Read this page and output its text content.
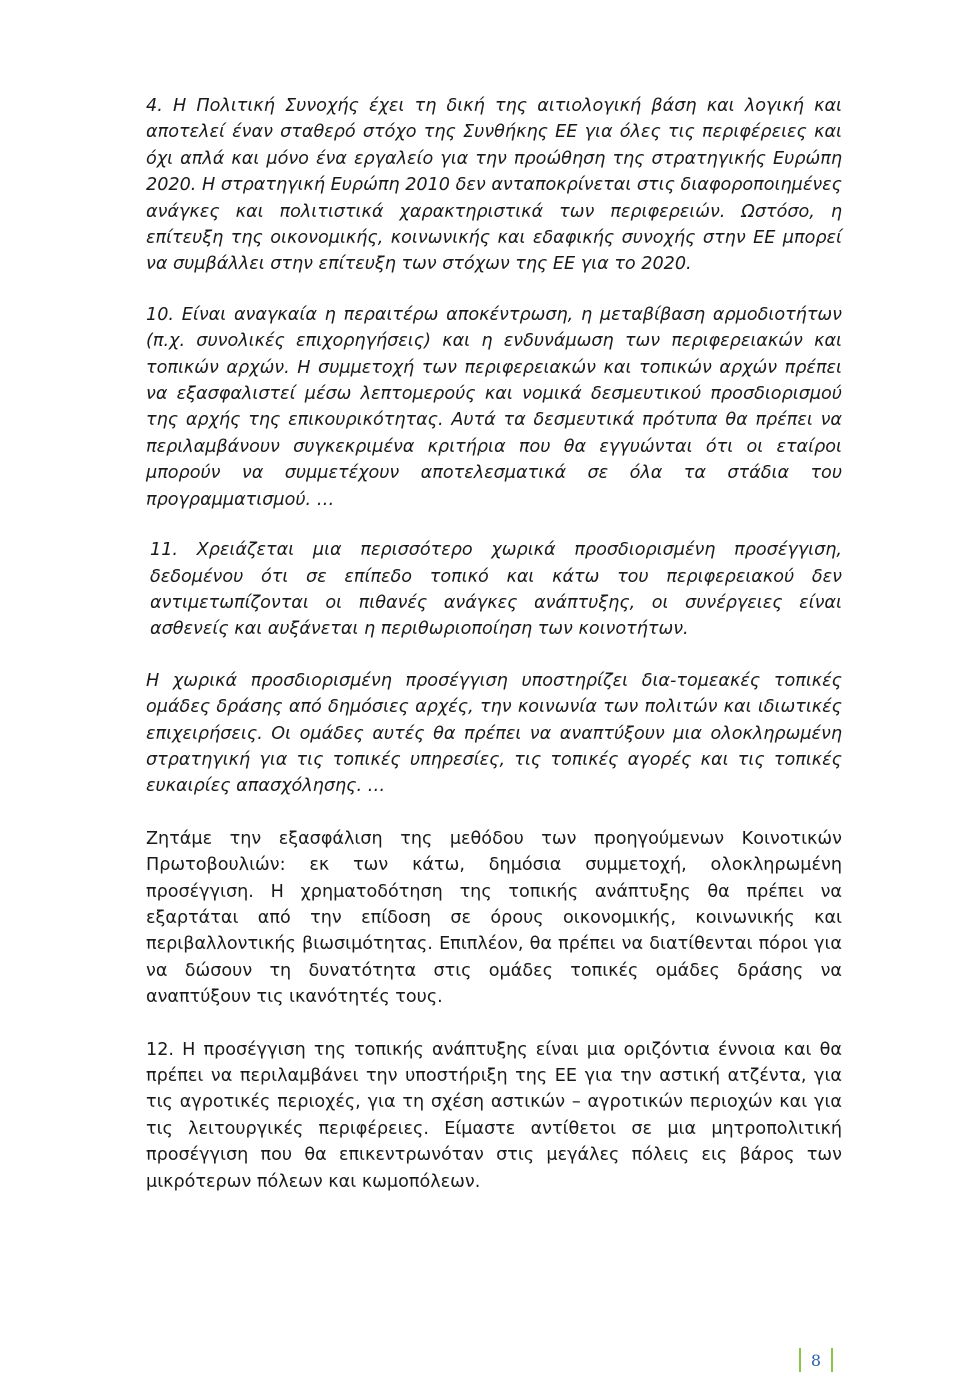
4. Η Πολιτική Συνοχής έχει τη δική της αιτιολογική βάση και λογική και αποτελεί έναν σταθερό στόχο της Συνθήκης ΕΕ για όλες τις περιφέρειες και όχι απλά και μόνο ένα εργαλείο για την προώθηση της στρατηγικής Ευρώπη 2020. Η στρατηγική Ευρώπη 2010 δεν ανταποκρίνεται στις διαφοροποιημένες ανάγκες και πολιτιστικά χαρακτηριστικά των περιφερειών. Ωστόσο, η επίτευξη της οικονομικής, κοινωνικής και εδαφικής συνοχής στην ΕΕ μπορεί να συμβάλλει στην επίτευξη των στόχων της ΕΕ για το 2020.

10. Είναι αναγκαία η περαιτέρω αποκέντρωση, η μεταβίβαση αρμοδιοτήτων (π.χ. συνολικές επιχορηγήσεις) και η ενδυνάμωση των περιφερειακών και τοπικών αρχών. Η συμμετοχή των περιφερειακών και τοπικών αρχών πρέπει να εξασφαλιστεί μέσω λεπτομερούς και νομικά δεσμευτικού προσδιορισμού της αρχής της επικουρικότητας. Αυτά τα δεσμευτικά πρότυπα θα πρέπει να περιλαμβάνουν συγκεκριμένα κριτήρια που θα εγγυώνται ότι οι εταίροι μπορούν να συμμετέχουν αποτελεσματικά σε όλα τα στάδια του προγραμματισμού. …

11. Χρειάζεται μια περισσότερο χωρικά προσδιορισμένη προσέγγιση, δεδομένου ότι σε επίπεδο τοπικό και κάτω του περιφερειακού δεν αντιμετωπίζονται οι πιθανές ανάγκες ανάπτυξης, οι συνέργειες είναι ασθενείς και αυξάνεται η περιθωριοποίηση των κοινοτήτων.

Η χωρικά προσδιορισμένη προσέγγιση υποστηρίζει δια-τομεακές τοπικές ομάδες δράσης από δημόσιες αρχές, την κοινωνία των πολιτών και ιδιωτικές επιχειρήσεις. Οι ομάδες αυτές θα πρέπει να αναπτύξουν μια ολοκληρωμένη στρατηγική για τις τοπικές υπηρεσίες, τις τοπικές αγορές και τις τοπικές ευκαιρίες απασχόλησης. …

Ζητάμε την εξασφάλιση της μεθόδου των προηγούμενων Κοινοτικών Πρωτοβουλιών: εκ των κάτω, δημόσια συμμετοχή, ολοκληρωμένη προσέγγιση. Η χρηματοδότηση της τοπικής ανάπτυξης θα πρέπει να εξαρτάται από την επίδοση σε όρους οικονομικής, κοινωνικής και περιβαλλοντικής βιωσιμότητας. Επιπλέον, θα πρέπει να διατίθενται πόροι για να δώσουν τη δυνατότητα στις ομάδες τοπικές ομάδες δράσης να αναπτύξουν τις ικανότητές τους.

12. Η προσέγγιση της τοπικής ανάπτυξης είναι μια οριζόντια έννοια και θα πρέπει να περιλαμβάνει την υποστήριξη της ΕΕ για την αστική ατζέντα, για τις αγροτικές περιοχές, για τη σχέση αστικών – αγροτικών περιοχών και για τις λειτουργικές περιφέρειες. Είμαστε αντίθετοι σε μια μητροπολιτική προσέγγιση που θα επικεντρωνόταν στις μεγάλες πόλεις εις βάρος των μικρότερων πόλεων και κωμοπόλεων.

8
